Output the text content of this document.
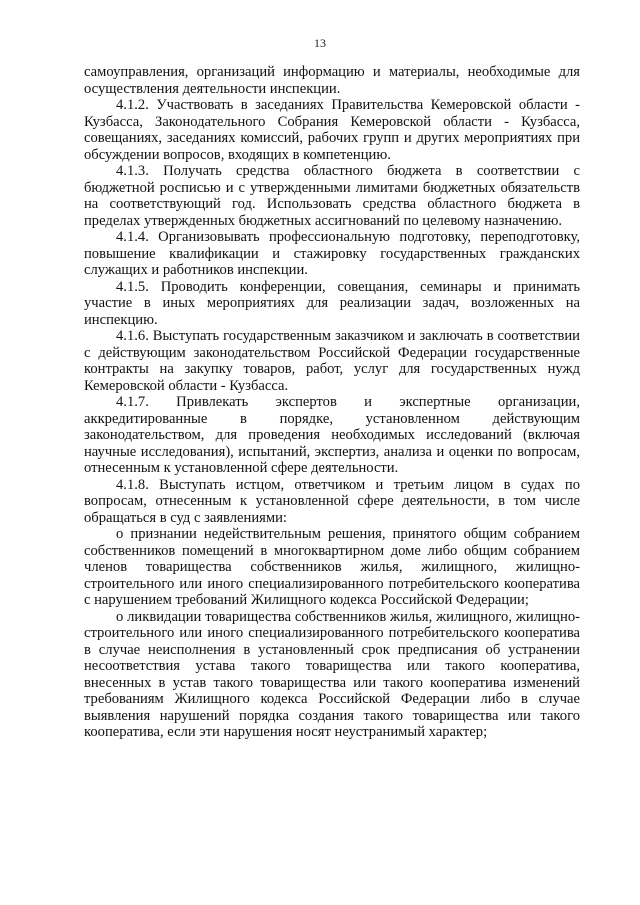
13

самоуправления, организаций информацию и материалы, необходимые для осуществления деятельности инспекции.

4.1.2. Участвовать в заседаниях Правительства Кемеровской области - Кузбасса, Законодательного Собрания Кемеровской области - Кузбасса, совещаниях, заседаниях комиссий, рабочих групп и других мероприятиях при обсуждении вопросов, входящих в компетенцию.

4.1.3. Получать средства областного бюджета в соответствии с бюджетной росписью и с утвержденными лимитами бюджетных обязательств на соответствующий год. Использовать средства областного бюджета в пределах утвержденных бюджетных ассигнований по целевому назначению.

4.1.4. Организовывать профессиональную подготовку, переподготовку, повышение квалификации и стажировку государственных гражданских служащих и работников инспекции.

4.1.5. Проводить конференции, совещания, семинары и принимать участие в иных мероприятиях для реализации задач, возложенных на инспекцию.

4.1.6. Выступать государственным заказчиком и заключать в соответствии с действующим законодательством Российской Федерации государственные контракты на закупку товаров, работ, услуг для государственных нужд Кемеровской области - Кузбасса.

4.1.7. Привлекать экспертов и экспертные организации, аккредитированные в порядке, установленном действующим законодательством, для проведения необходимых исследований (включая научные исследования), испытаний, экспертиз, анализа и оценки по вопросам, отнесенным к установленной сфере деятельности.

4.1.8. Выступать истцом, ответчиком и третьим лицом в судах по вопросам, отнесенным к установленной сфере деятельности, в том числе обращаться в суд с заявлениями:

о признании недействительным решения, принятого общим собранием собственников помещений в многоквартирном доме либо общим собранием членов товарищества собственников жилья, жилищного, жилищно-строительного или иного специализированного потребительского кооператива с нарушением требований Жилищного кодекса Российской Федерации;

о ликвидации товарищества собственников жилья, жилищного, жилищно-строительного или иного специализированного потребительского кооператива в случае неисполнения в установленный срок предписания об устранении несоответствия устава такого товарищества или такого кооператива, внесенных в устав такого товарищества или такого кооператива изменений требованиям Жилищного кодекса Российской Федерации либо в случае выявления нарушений порядка создания такого товарищества или такого кооператива, если эти нарушения носят неустранимый характер;
